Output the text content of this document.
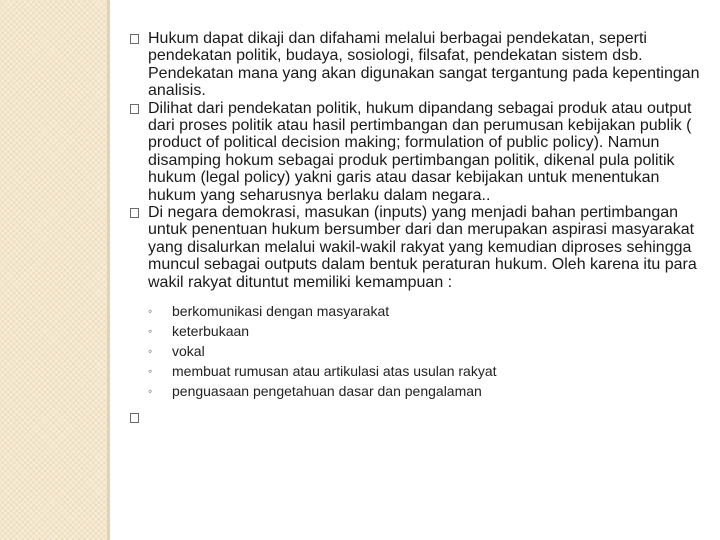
Hukum dapat dikaji dan difahami melalui berbagai pendekatan, seperti pendekatan politik, budaya, sosiologi, filsafat, pendekatan sistem dsb. Pendekatan mana yang akan digunakan sangat tergantung pada kepentingan analisis.
Dilihat dari pendekatan politik, hukum dipandang sebagai produk atau output dari proses politik atau hasil pertimbangan dan perumusan kebijakan publik ( product of political decision making; formulation of public policy). Namun disamping hokum sebagai produk pertimbangan politik, dikenal pula politik hukum (legal policy) yakni garis atau dasar kebijakan untuk menentukan hukum yang seharusnya berlaku dalam negara..
Di negara demokrasi, masukan (inputs) yang menjadi bahan pertimbangan untuk penentuan hukum bersumber dari dan merupakan aspirasi masyarakat yang disalurkan melalui wakil-wakil rakyat yang kemudian diproses sehingga muncul sebagai outputs dalam bentuk peraturan hukum. Oleh karena itu para wakil rakyat dituntut memiliki kemampuan :
◦ berkomunikasi dengan masyarakat
◦ keterbukaan
◦ vokal
◦ membuat rumusan atau artikulasi atas usulan rakyat
◦ penguasaan pengetahuan dasar dan pengalaman
